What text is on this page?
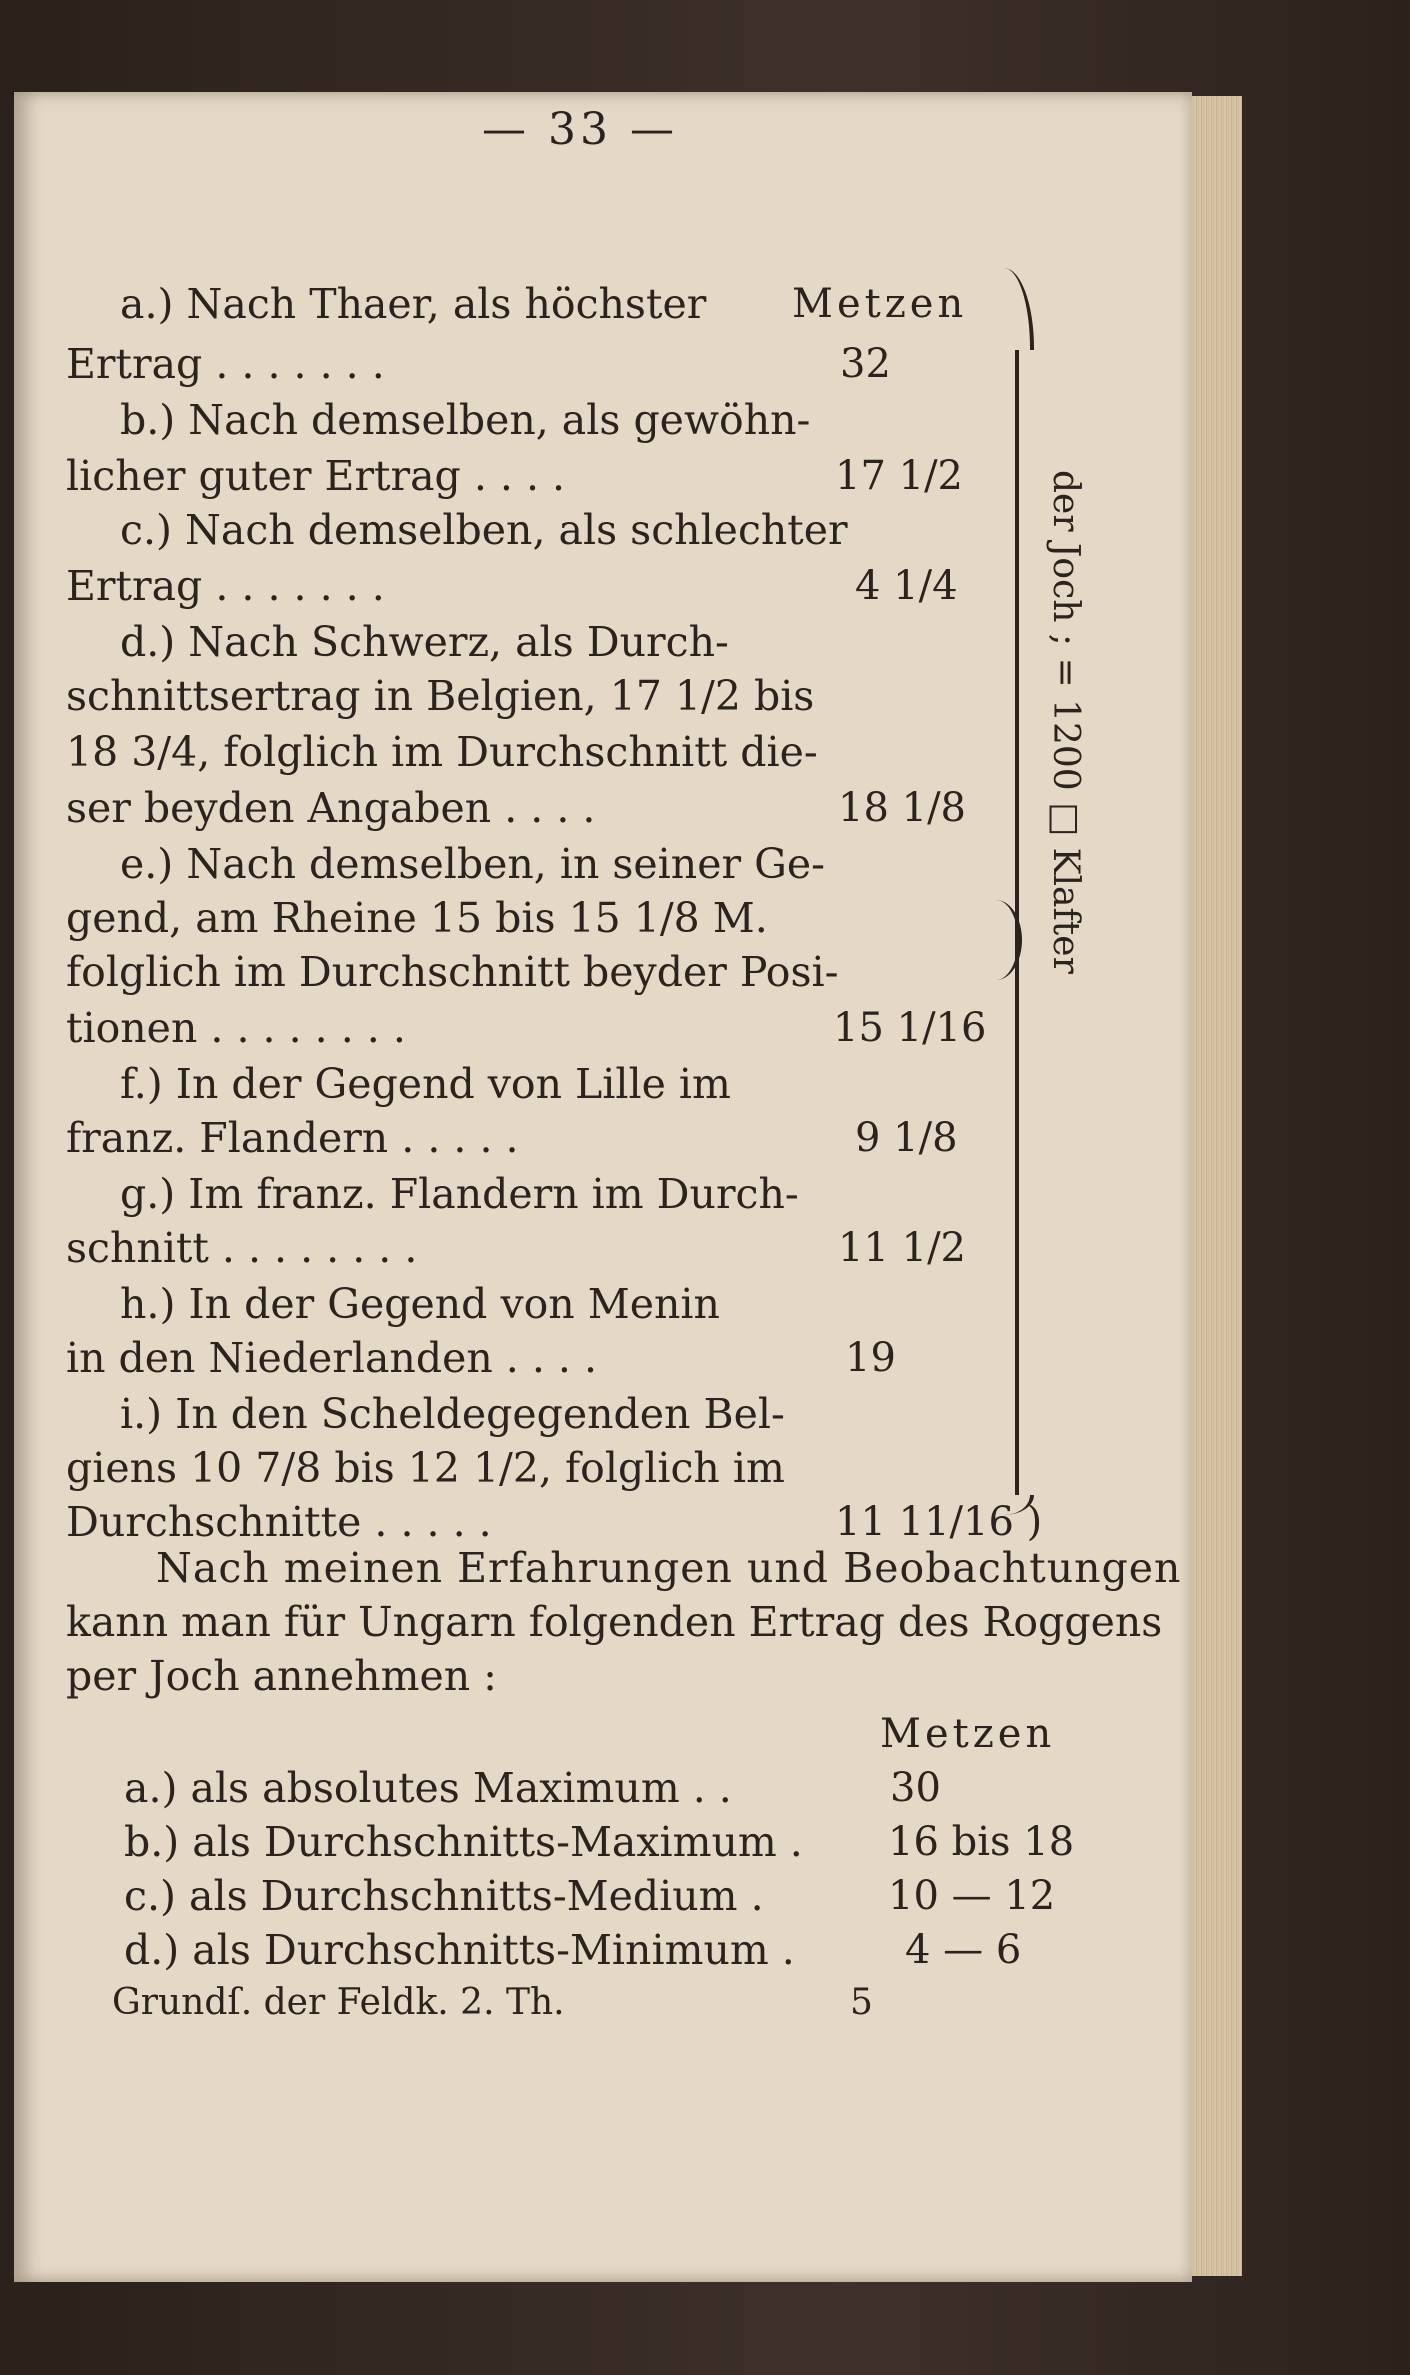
— 33 —
a.) Nach Thaer, als höchster Metzen
Ertrag . . . . . . .	32
b.) Nach demselben, als gewöhn-
licher guter Ertrag . . . .	17 1/2
c.) Nach demselben, als schlechter
Ertrag . . . . . . .	4 1/4
d.) Nach Schwerz, als Durch-
schnittsertrag in Belgien, 17 1/2 bis
18 3/4, folglich im Durchschnitt die-
ser beyden Angaben . . . .	18 1/8
e.) Nach demselben, in seiner Ge-
gend, am Rheine 15 bis 15 1/8 M.
folglich im Durchschnitt beyder Posi-
tionen . . . . . . . .	15 1/16
f.) In der Gegend von Lille im
franz. Flandern . . . . .	9 1/8
g.) Im franz. Flandern im Durch-
schnitt . . . . . . . .	11 1/2
h.) In der Gegend von Menin
in den Niederlanden . . . .	19
i.) In den Scheldegegenden Bel-
giens 10 7/8 bis 12 1/2, folglich im
Durchschnitte . . . . .	11 11/16 )
der Joch ; = 1200 □ Klafter
Nach meinen Erfahrungen und Beobachtungen
kann man für Ungarn folgenden Ertrag des Roggens
per Joch annehmen :
Metzen
a.) als absolutes Maximum . .	30
b.) als Durchschnitts-Maximum . 16 bis 18
c.) als Durchschnitts-Medium .	10 — 12
d.) als Durchschnitts-Minimum .	4 — 6
Grundſ. der Feldk. 2. Th.	5
